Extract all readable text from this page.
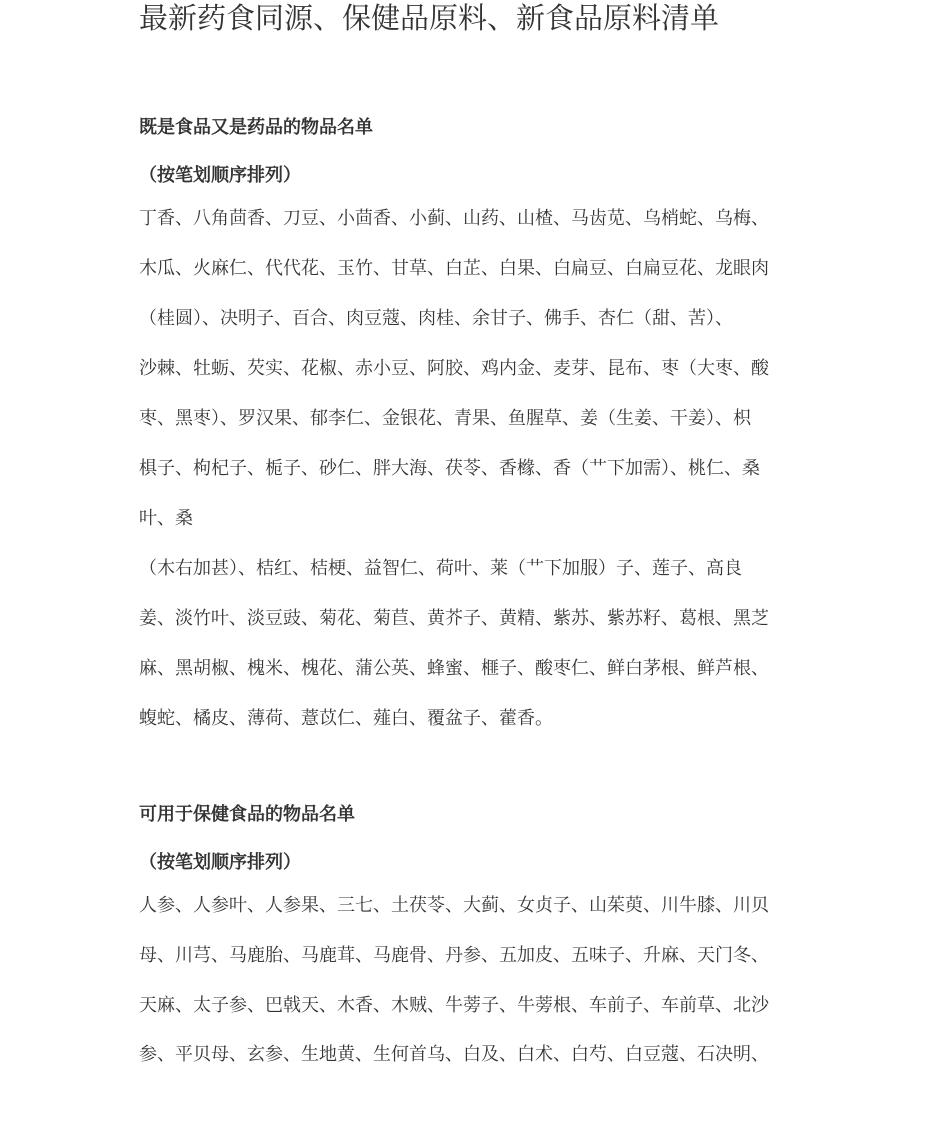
最新药食同源、保健品原料、新食品原料清单
既是食品又是药品的物品名单

（按笔划顺序排列）

丁香、八角茴香、刀豆、小茴香、小蓟、山药、山楂、马齿苋、乌梢蛇、乌梅、

木瓜、火麻仁、代代花、玉竹、甘草、白芷、白果、白扁豆、白扁豆花、龙眼肉

（桂圆）、决明子、百合、肉豆蔻、肉桂、余甘子、佛手、杏仁（甜、苦）、

沙棘、牡蛎、芡实、花椒、赤小豆、阿胶、鸡内金、麦芽、昆布、枣（大枣、酸

枣、黑枣）、罗汉果、郁李仁、金银花、青果、鱼腥草、姜（生姜、干姜）、枳

椇子、枸杞子、栀子、砂仁、胖大海、茯苓、香橼、香（艹下加需）、桃仁、桑

叶、桑

（木右加甚）、桔红、桔梗、益智仁、荷叶、莱（艹下加服）子、莲子、高良

姜、淡竹叶、淡豆豉、菊花、菊苣、黄芥子、黄精、紫苏、紫苏籽、葛根、黑芝

麻、黑胡椒、槐米、槐花、蒲公英、蜂蜜、榧子、酸枣仁、鲜白茅根、鲜芦根、

蝮蛇、橘皮、薄荷、薏苡仁、薤白、覆盆子、藿香。

可用于保健食品的物品名单

（按笔划顺序排列）

人参、人参叶、人参果、三七、土茯苓、大蓟、女贞子、山茱萸、川牛膝、川贝

母、川芎、马鹿胎、马鹿茸、马鹿骨、丹参、五加皮、五味子、升麻、天门冬、

天麻、太子参、巴戟天、木香、木贼、牛蒡子、牛蒡根、车前子、车前草、北沙

参、平贝母、玄参、生地黄、生何首乌、白及、白术、白芍、白豆蔻、石决明、
